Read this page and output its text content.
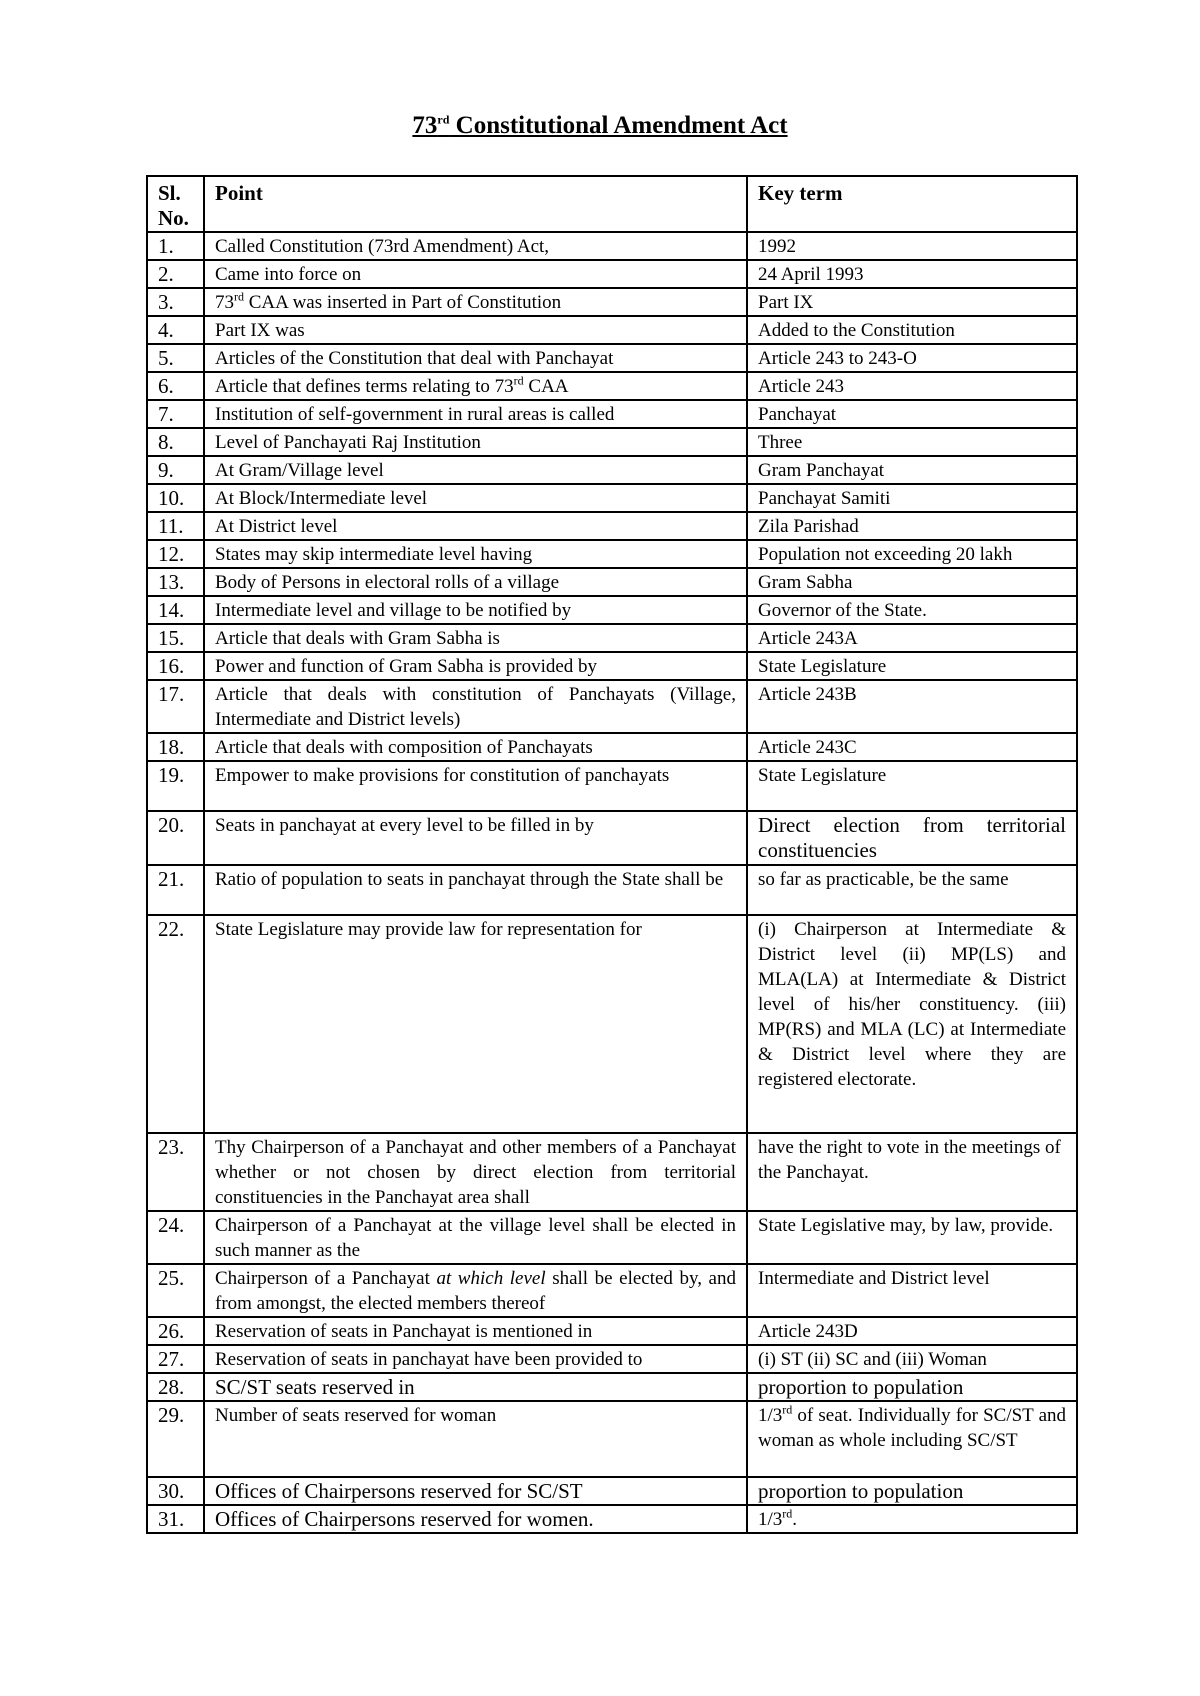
73rd Constitutional Amendment Act
Sl. No.	Point	Key term
1.	Called Constitution (73rd Amendment) Act,	1992
2.	Came into force on	24 April 1993
3.	73rd CAA was inserted in Part of Constitution	Part IX
4.	Part IX was	Added to the Constitution
5.	Articles of the Constitution that deal with Panchayat	Article 243 to 243-O
6.	Article that defines terms relating to 73rd CAA	Article 243
7.	Institution of self-government in rural areas is called	Panchayat
8.	Level of Panchayati Raj Institution	Three
9.	At Gram/Village level	Gram Panchayat
10.	At Block/Intermediate level	Panchayat Samiti
11.	At District level	Zila Parishad
12.	States may skip intermediate level having	Population not exceeding 20 lakh
13.	Body of Persons in electoral rolls of a village	Gram Sabha
14.	Intermediate level and village to be notified by	Governor of the State.
15.	Article that deals with Gram Sabha is	Article 243A
16.	Power and function of Gram Sabha is provided by	State Legislature
17.	Article that deals with constitution of Panchayats (Village, Intermediate and District levels)	Article 243B
18.	Article that deals with composition of Panchayats	Article 243C
19.	Empower to make provisions for constitution of panchayats	State Legislature
20.	Seats in panchayat at every level to be filled in by	Direct election from territorial constituencies
21.	Ratio of population to seats in panchayat through the State shall be	so far as practicable, be the same
22.	State Legislature may provide law for representation for	(i) Chairperson at Intermediate & District level (ii) MP(LS) and MLA(LA) at Intermediate & District level of his/her constituency. (iii) MP(RS) and MLA (LC) at Intermediate & District level where they are registered electorate.
23.	Thy Chairperson of a Panchayat and other members of a Panchayat whether or not chosen by direct election from territorial constituencies in the Panchayat area shall	have the right to vote in the meetings of the Panchayat.
24.	Chairperson of a Panchayat at the village level shall be elected in such manner as the	State Legislative may, by law, provide.
25.	Chairperson of a Panchayat at which level shall be elected by, and from amongst, the elected members thereof	Intermediate and District level
26.	Reservation of seats in Panchayat is mentioned in	Article 243D
27.	Reservation of seats in panchayat have been provided to	(i) ST (ii) SC and (iii) Woman
28.	SC/ST seats reserved in	proportion to population
29.	Number of seats reserved for woman	1/3rd of seat. Individually for SC/ST and woman as whole including SC/ST
30.	Offices of Chairpersons reserved for SC/ST	proportion to population
31.	Offices of Chairpersons reserved for women.	1/3rd.
